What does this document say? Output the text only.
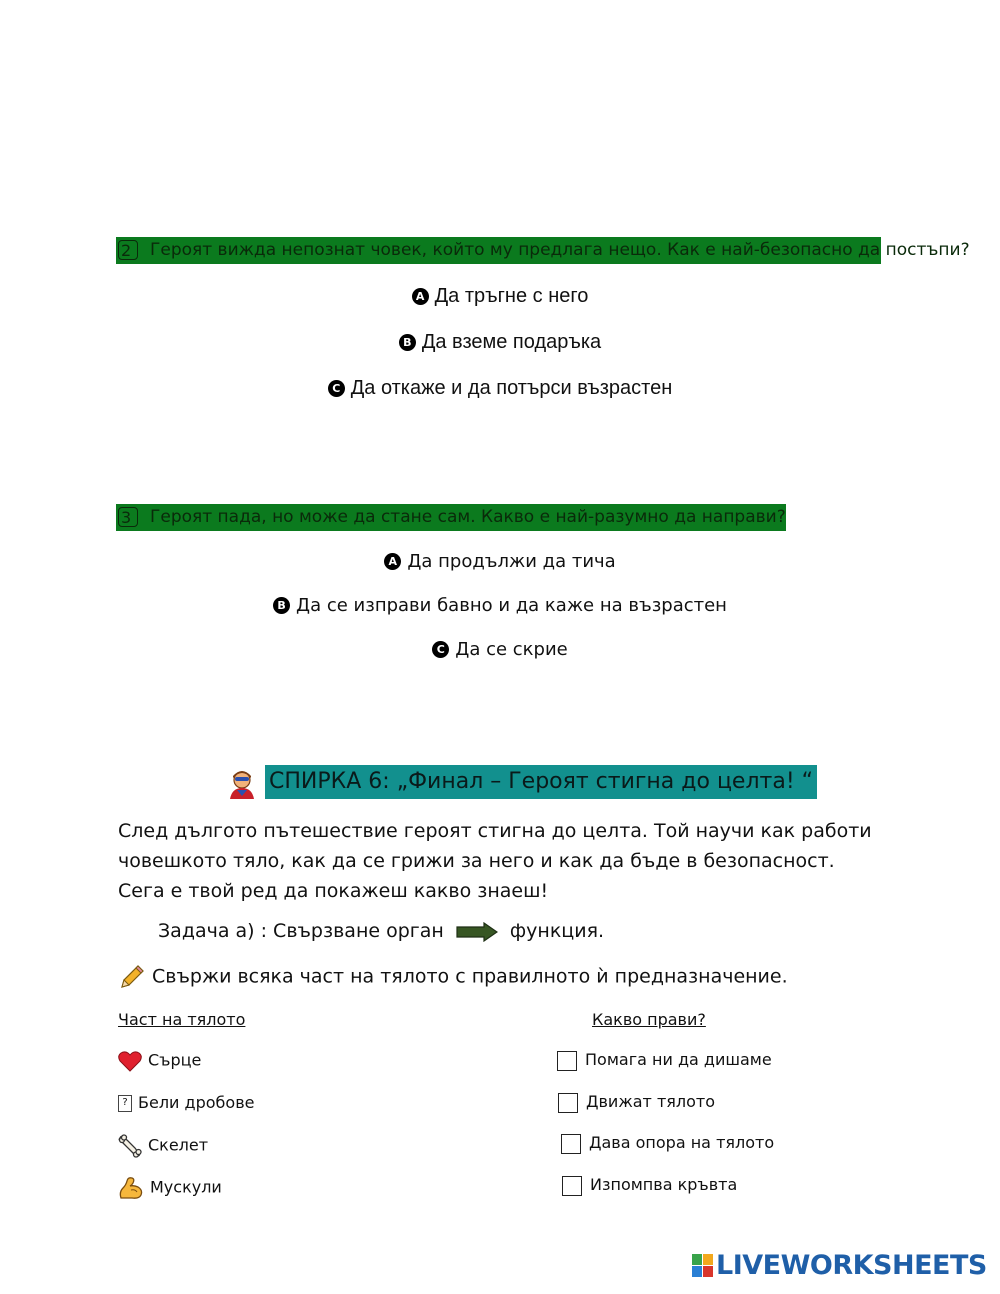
2 Героят вижда непознат човек, който му предлага нещо. Как е най-безопасно да постъпи?
A Да тръгне с него
B Да вземе подаръка
C Да откаже и да потърси възрастен
3 Героят пада, но може да стане сам. Какво е най-разумно да направи?
A Да продължи да тича
B Да се изправи бавно и да каже на възрастен
C Да се скрие
СПИРКА 6: „Финал – Героят стигна до целта! “
След дългото пътешествие героят стигна до целта. Той научи как работи човешкото тяло, как да се грижи за него и как да бъде в безопасност. Сега е твой ред да покажеш какво знаеш!
Задача а) : Свързване орган	функция.
Свържи всяка част на тялото с правилното ѝ предназначение.
Част на тялото	Какво прави?
Сърце
? Бели дробове
Скелет
Мускули
Помага ни да дишаме
Движат тялото
Дава опора на тялото
Изпомпва кръвта
LIVEWORKSHEETS
